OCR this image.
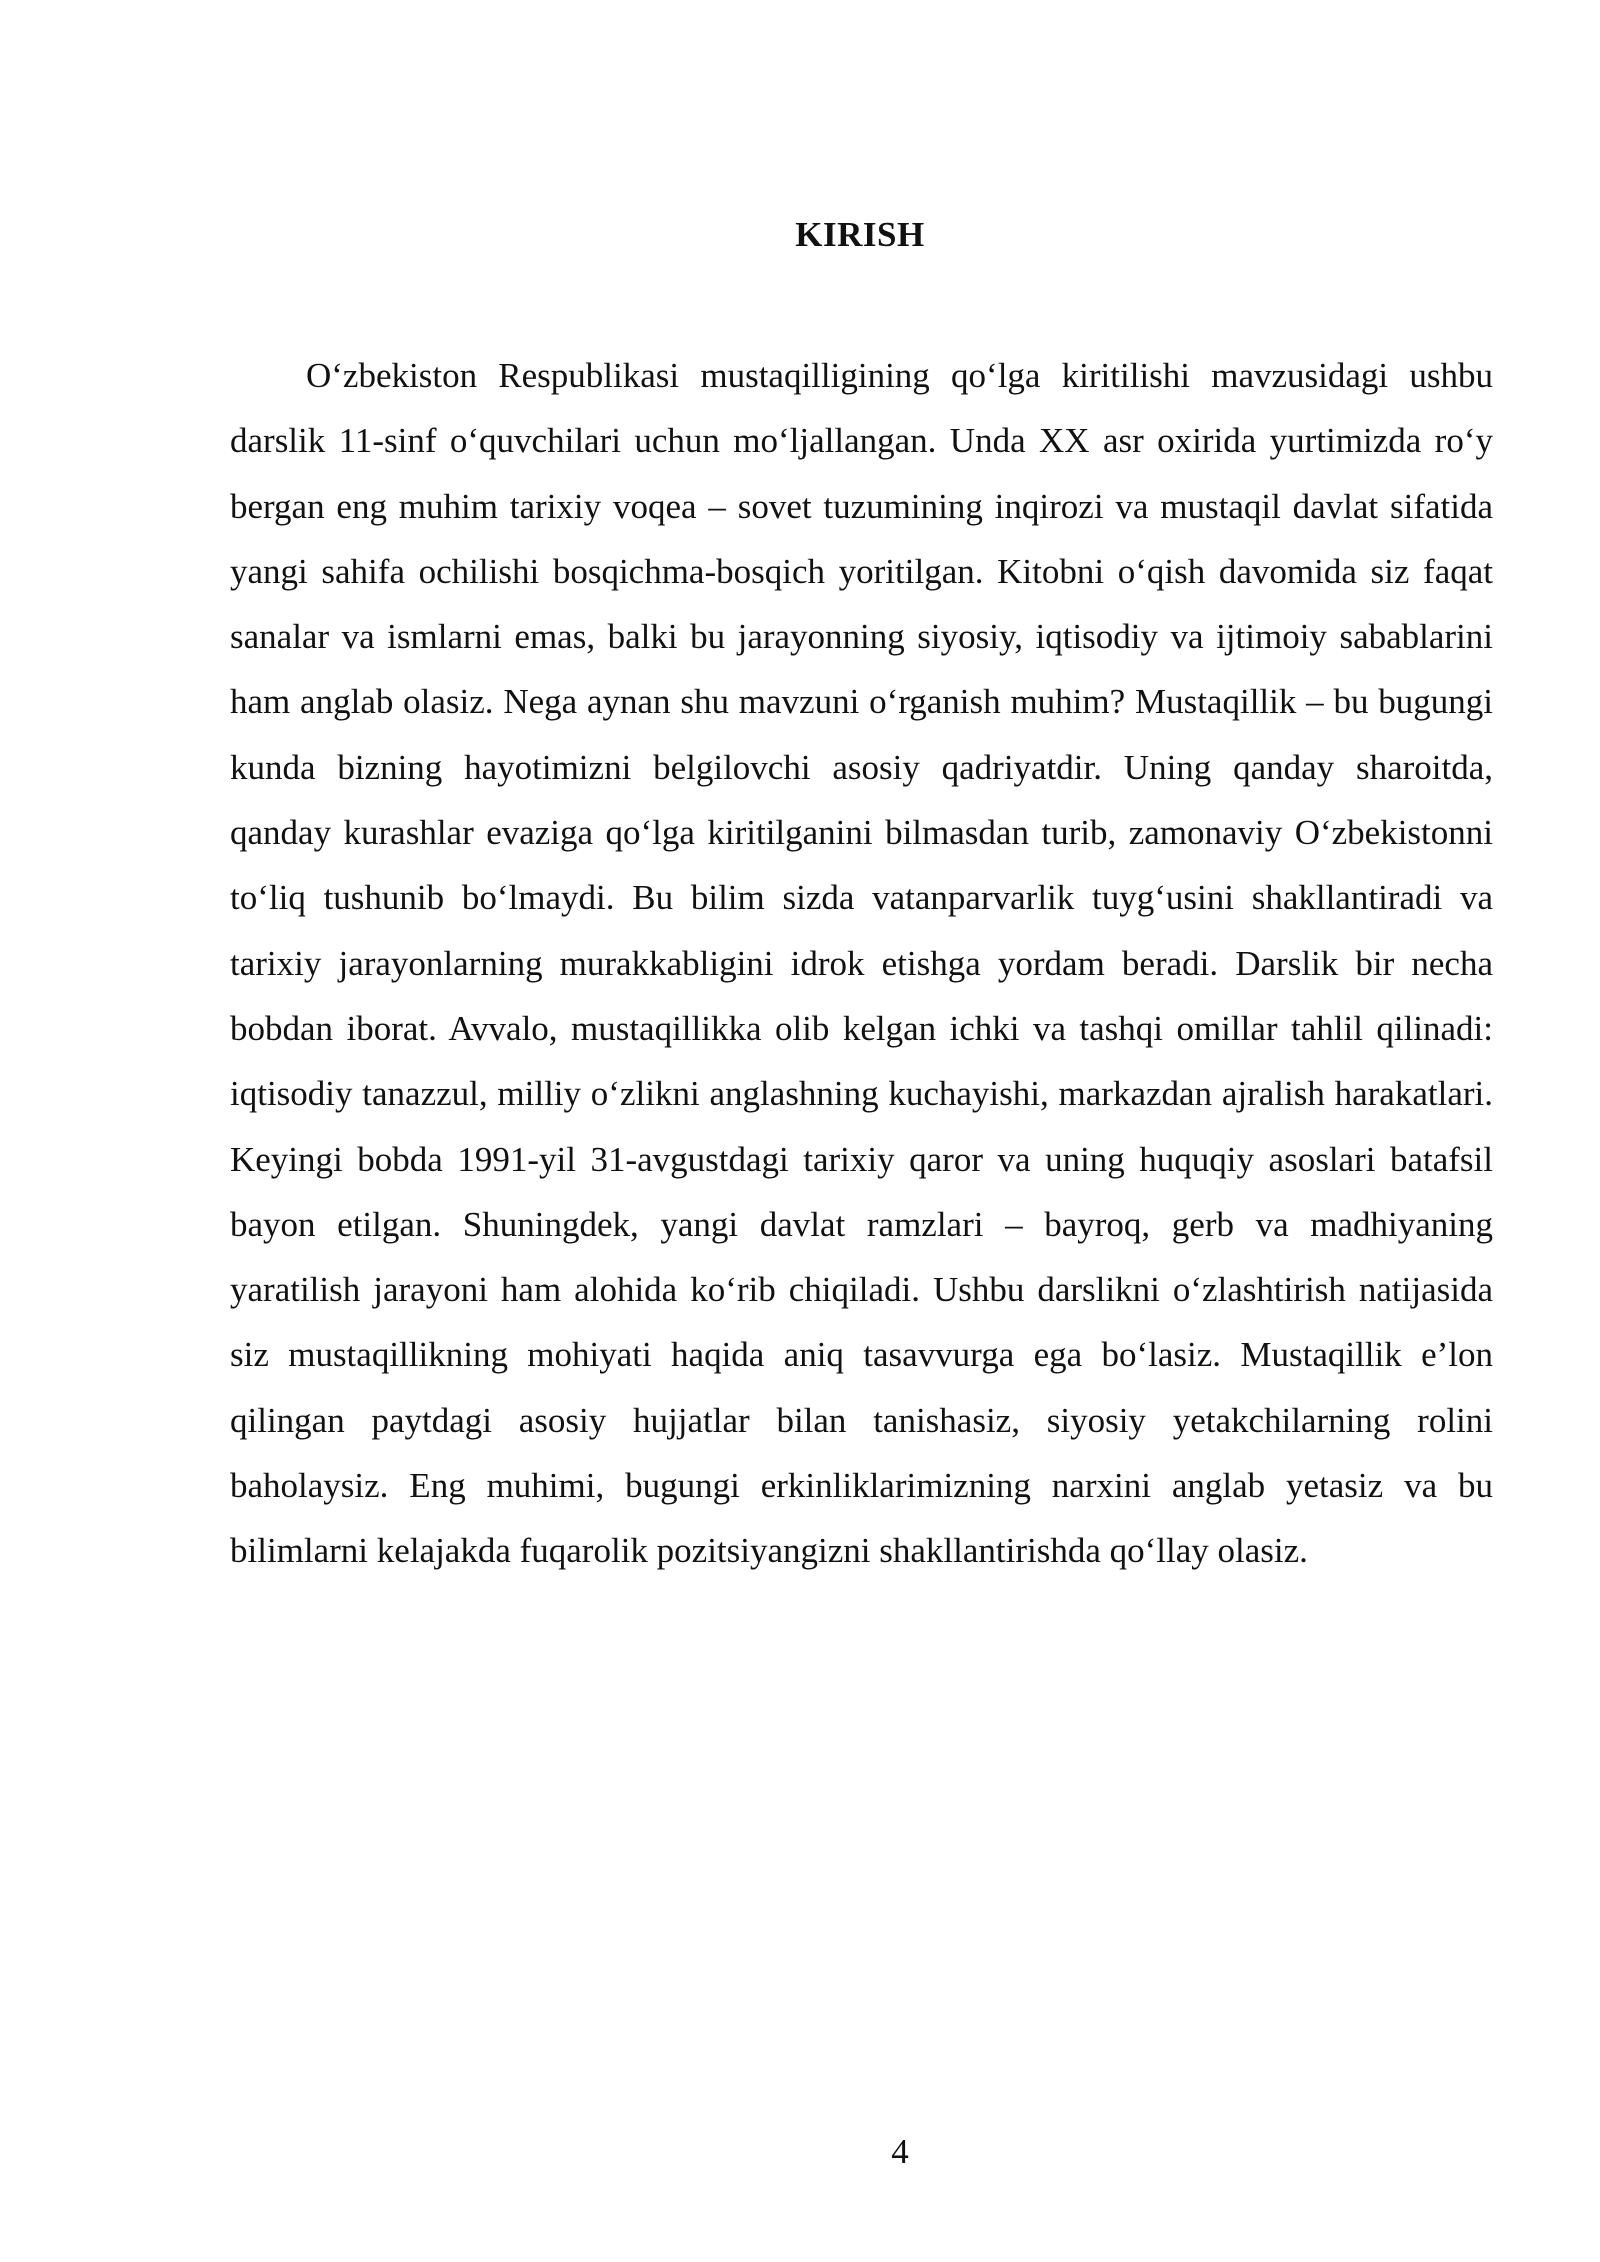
KIRISH

O‘zbekiston Respublikasi mustaqilligining qo‘lga kiritilishi mavzusidagi ushbu darslik 11-sinf o‘quvchilari uchun mo‘ljallangan. Unda XX asr oxirida yurtimizda ro‘y bergan eng muhim tarixiy voqea – sovet tuzumining inqirozi va mustaqil davlat sifatida yangi sahifa ochilishi bosqichma-bosqich yoritilgan. Kitobni o‘qish davomida siz faqat sanalar va ismlarni emas, balki bu jarayonning siyosiy, iqtisodiy va ijtimoiy sabablarini ham anglab olasiz. Nega aynan shu mavzuni o‘rganish muhim? Mustaqillik – bu bugungi kunda bizning hayotimizni belgilovchi asosiy qadriyatdir. Uning qanday sharoitda, qanday kurashlar evaziga qo‘lga kiritilganini bilmasdan turib, zamonaviy O‘zbekistonni to‘liq tushunib bo‘lmaydi. Bu bilim sizda vatanparvarlik tuyg‘usini shakllantiradi va tarixiy jarayonlarning murakkabligini idrok etishga yordam beradi. Darslik bir necha bobdan iborat. Avvalo, mustaqillikka olib kelgan ichki va tashqi omillar tahlil qilinadi: iqtisodiy tanazzul, milliy o‘zlikni anglashning kuchayishi, markazdan ajralish harakatlari. Keyingi bobda 1991-yil 31-avgustdagi tarixiy qaror va uning huquqiy asoslari batafsil bayon etilgan. Shuningdek, yangi davlat ramzlari – bayroq, gerb va madhiyaning yaratilish jarayoni ham alohida ko‘rib chiqiladi. Ushbu darslikni o‘zlashtirish natijasida siz mustaqillikning mohiyati haqida aniq tasavvurga ega bo‘lasiz. Mustaqillik e’lon qilingan paytdagi asosiy hujjatlar bilan tanishasiz, siyosiy yetakchilarning rolini baholaysiz. Eng muhimi, bugungi erkinliklarimizning narxini anglab yetasiz va bu bilimlarni kelajakda fuqarolik pozitsiyangizni shakllantirishda qo‘llay olasiz.

4
